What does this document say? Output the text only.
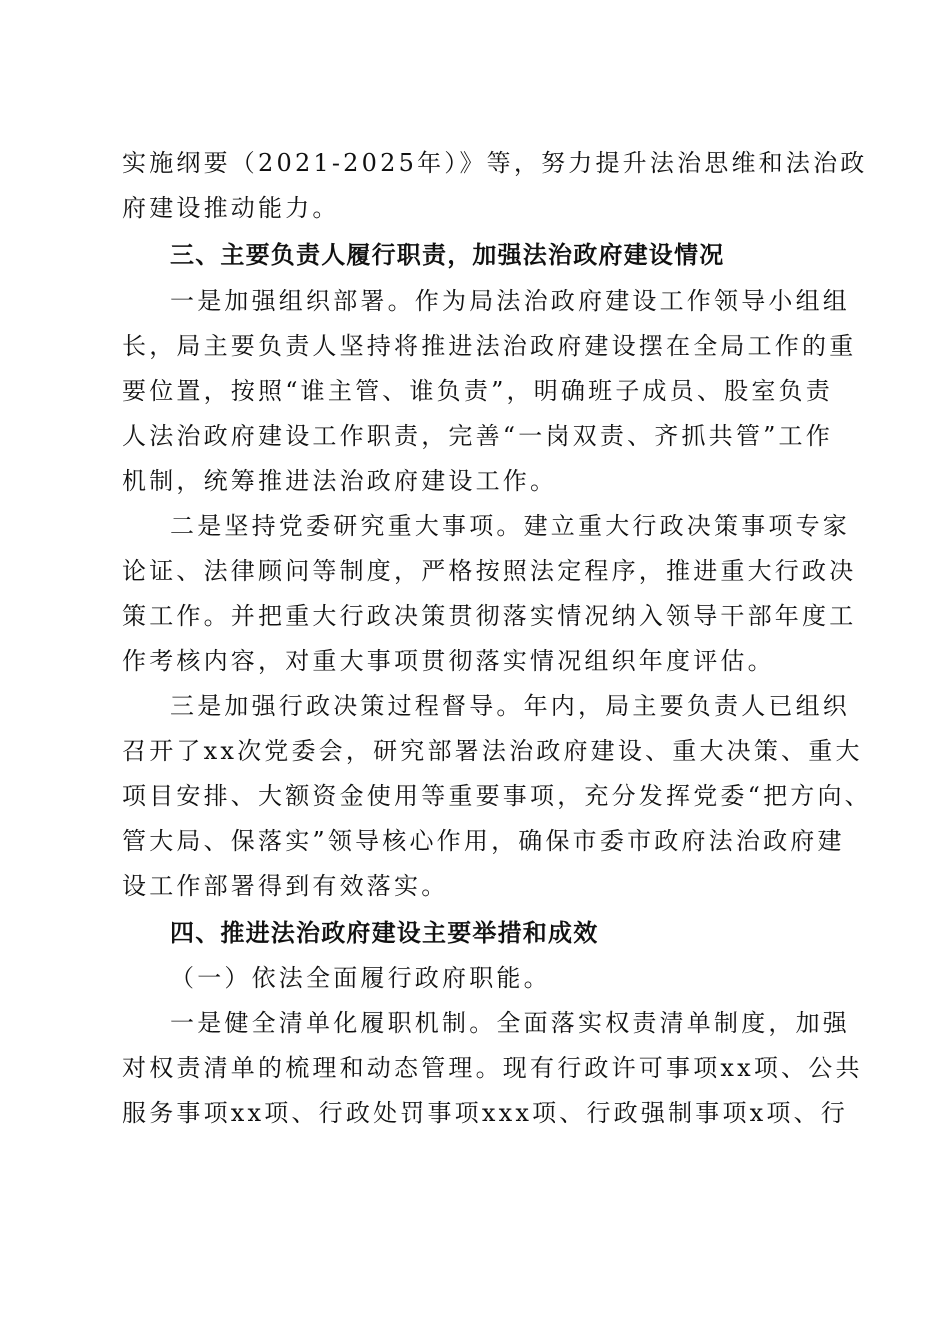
实施纲要（2021-2025年）》等，努力提升法治思维和法治政
府建设推动能力。
三、主要负责人履行职责，加强法治政府建设情况
一是加强组织部署。作为局法治政府建设工作领导小组组
长，局主要负责人坚持将推进法治政府建设摆在全局工作的重
要位置，按照“谁主管、谁负责”，明确班子成员、股室负责
人法治政府建设工作职责，完善“一岗双责、齐抓共管”工作
机制，统筹推进法治政府建设工作。
二是坚持党委研究重大事项。建立重大行政决策事项专家
论证、法律顾问等制度，严格按照法定程序，推进重大行政决
策工作。并把重大行政决策贯彻落实情况纳入领导干部年度工
作考核内容，对重大事项贯彻落实情况组织年度评估。
三是加强行政决策过程督导。年内，局主要负责人已组织
召开了xx次党委会，研究部署法治政府建设、重大决策、重大
项目安排、大额资金使用等重要事项，充分发挥党委“把方向、
管大局、保落实”领导核心作用，确保市委市政府法治政府建
设工作部署得到有效落实。
四、推进法治政府建设主要举措和成效
（一）依法全面履行政府职能。
一是健全清单化履职机制。全面落实权责清单制度，加强
对权责清单的梳理和动态管理。现有行政许可事项xx项、公共
服务事项xx项、行政处罚事项xxx项、行政强制事项x项、行
